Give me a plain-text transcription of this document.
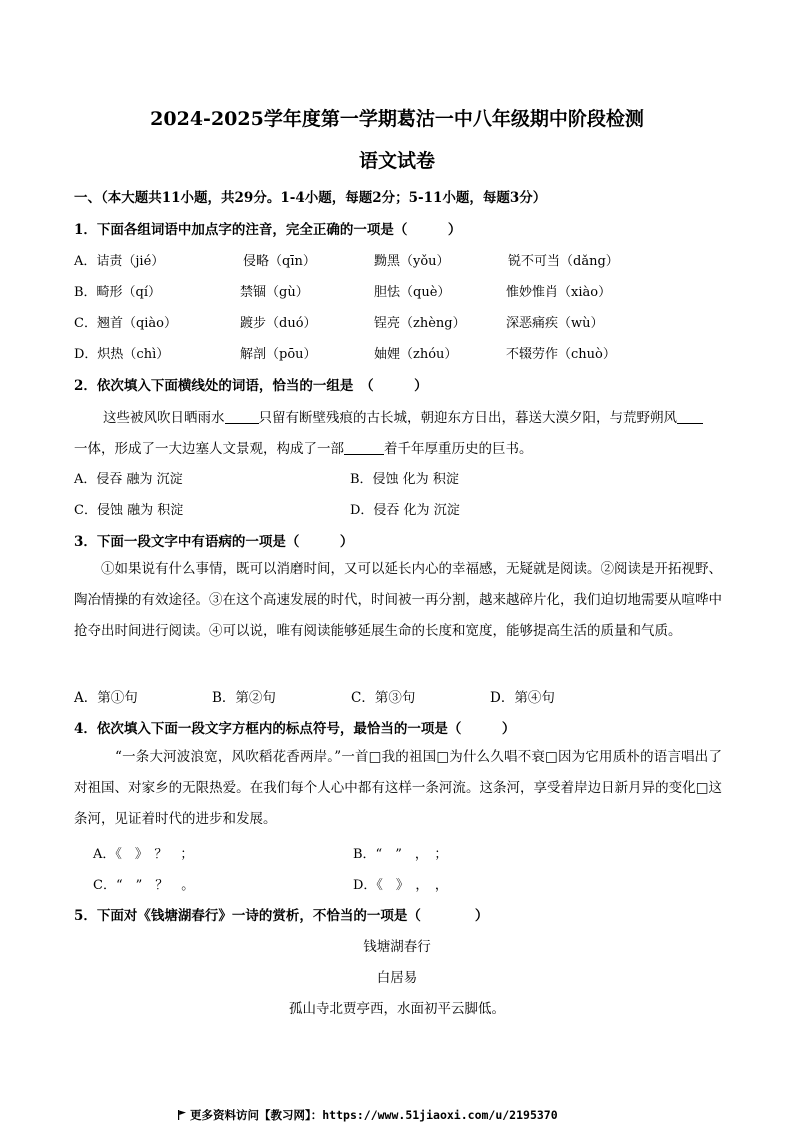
2024-2025学年度第一学期葛沽一中八年级期中阶段检测
语文试卷
一、（本大题共11小题，共29分。1-4小题，每题2分；5-11小题，每题3分）
1．下面各组词语中加点字的注音，完全正确的一项是（　　　）
A．诘责（jié）	侵略（qīn）	黝黑（yǒu）	锐不可当（dǎng）
B．畸形（qí）	禁锢（gù）	胆怯（què）	惟妙惟肖（xiào）
C．翘首（qiào）	踱步（duó）	锃亮（zhèng）	深恶痛疾（wù）
D．炽热（chì）	解剖（pōu）	妯娌（zhóu）	不辍劳作（chuò）
2．依次填入下面横线处的词语，恰当的一组是　（　　　）
这些被风吹日晒雨水	只留有断壁残痕的古长城，朝迎东方日出，暮送大漠夕阳，与荒野朔风
一体，形成了一大边塞人文景观，构成了一部	着千年厚重历史的巨书。
A．侵吞 融为 沉淀	B．侵蚀 化为 积淀
C．侵蚀 融为 积淀	D．侵吞 化为 沉淀
3．下面一段文字中有语病的一项是（　　　）
①如果说有什么事情，既可以消磨时间，又可以延长内心的幸福感，无疑就是阅读。②阅读是开拓视野、陶冶情操的有效途径。③在这个高速发展的时代，时间被一再分割，越来越碎片化，我们迫切地需要从喧哗中抢夺出时间进行阅读。④可以说，唯有阅读能够延展生命的长度和宽度，能够提高生活的质量和气质。
A．第①句	B．第②句	C．第③句	D．第④句
4．依次填入下面一段文字方框内的标点符号，最恰当的一项是（　　　）
“一条大河波浪宽，风吹稻花香两岸。”一首□我的祖国□为什么久唱不衰□因为它用质朴的语言唱出了对祖国、对家乡的无限热爱。在我们每个人心中都有这样一条河流。这条河，享受着岸边日新月异的变化□这条河，见证着时代的进步和发展。
A．《　》　？　；	B．“　”　，　；
C．“　”　？　。	D．《　》　，　，
5．下面对《钱塘湖春行》一诗的赏析，不恰当的一项是（　　　　）
钱塘湖春行
白居易
孤山寺北贾亭西，水面初平云脚低。
更多资料访问【教习网】：https://www.51jiaoxi.com/u/2195370
